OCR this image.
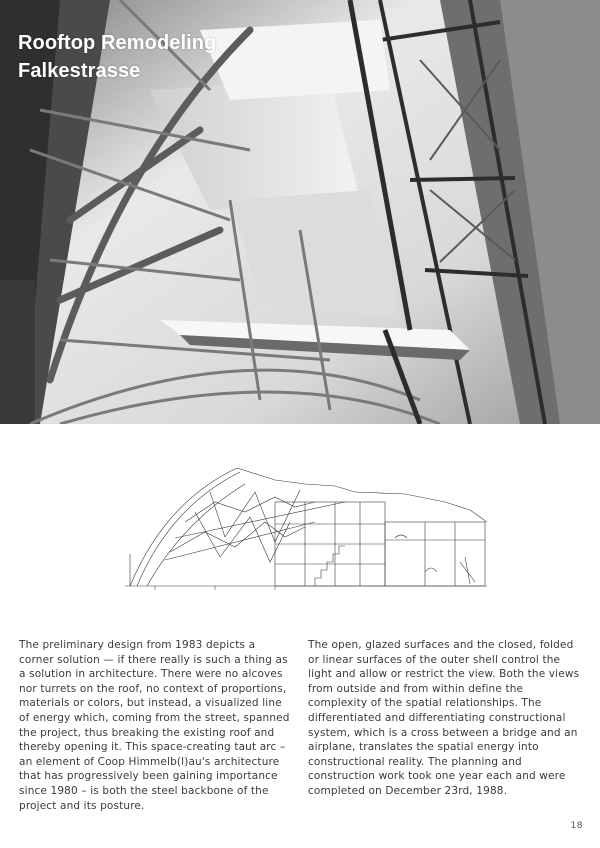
Rooftop Remodeling
Falkestrasse

The preliminary design from 1983 depicts a corner solution — if there really is such a thing as a solution in architecture. There were no alcoves nor turrets on the roof, no context of proportions, materials or colors, but instead, a visualized line of energy which, coming from the street, spanned the project, thus breaking the existing roof and thereby opening it. This space-creating taut arc – an element of Coop Himmelb(l)au's architecture that has progressively been gaining importance since 1980 – is both the steel backbone of the project and its posture.

The open, glazed surfaces and the closed, folded or linear surfaces of the outer shell control the light and allow or restrict the view. Both the views from outside and from within define the complexity of the spatial relationships. The differentiated and differentiating constructional system, which is a cross between a bridge and an airplane, translates the spatial energy into constructional reality. The planning and construction work took one year each and were completed on December 23rd, 1988.

18
